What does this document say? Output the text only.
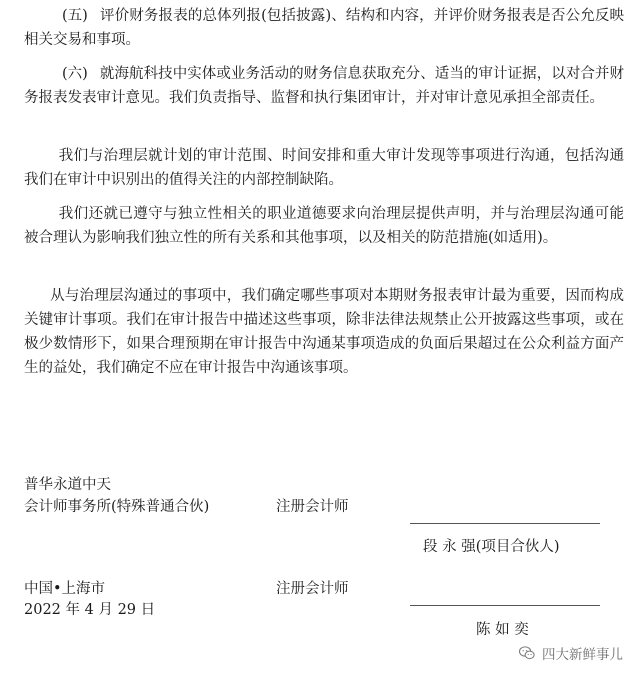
(五) 评价财务报表的总体列报(包括披露)、结构和内容，并评价财务报表是否公允反映相关交易和事项。

(六) 就海航科技中实体或业务活动的财务信息获取充分、适当的审计证据，以对合并财务报表发表审计意见。我们负责指导、监督和执行集团审计，并对审计意见承担全部责任。

我们与治理层就计划的审计范围、时间安排和重大审计发现等事项进行沟通，包括沟通我们在审计中识别出的值得关注的内部控制缺陷。

我们还就已遵守与独立性相关的职业道德要求向治理层提供声明，并与治理层沟通可能被合理认为影响我们独立性的所有关系和其他事项，以及相关的防范措施(如适用)。

从与治理层沟通过的事项中，我们确定哪些事项对本期财务报表审计最为重要，因而构成关键审计事项。我们在审计报告中描述这些事项，除非法律法规禁止公开披露这些事项，或在极少数情形下，如果合理预期在审计报告中沟通某事项造成的负面后果超过在公众利益方面产生的益处，我们确定不应在审计报告中沟通该事项。

普华永道中天
会计师事务所(特殊普通合伙)	注册会计师
段 永 强(项目合伙人)
中国•上海市	注册会计师
2022 年 4 月 29 日
陈 如 奕
四大新鲜事儿
